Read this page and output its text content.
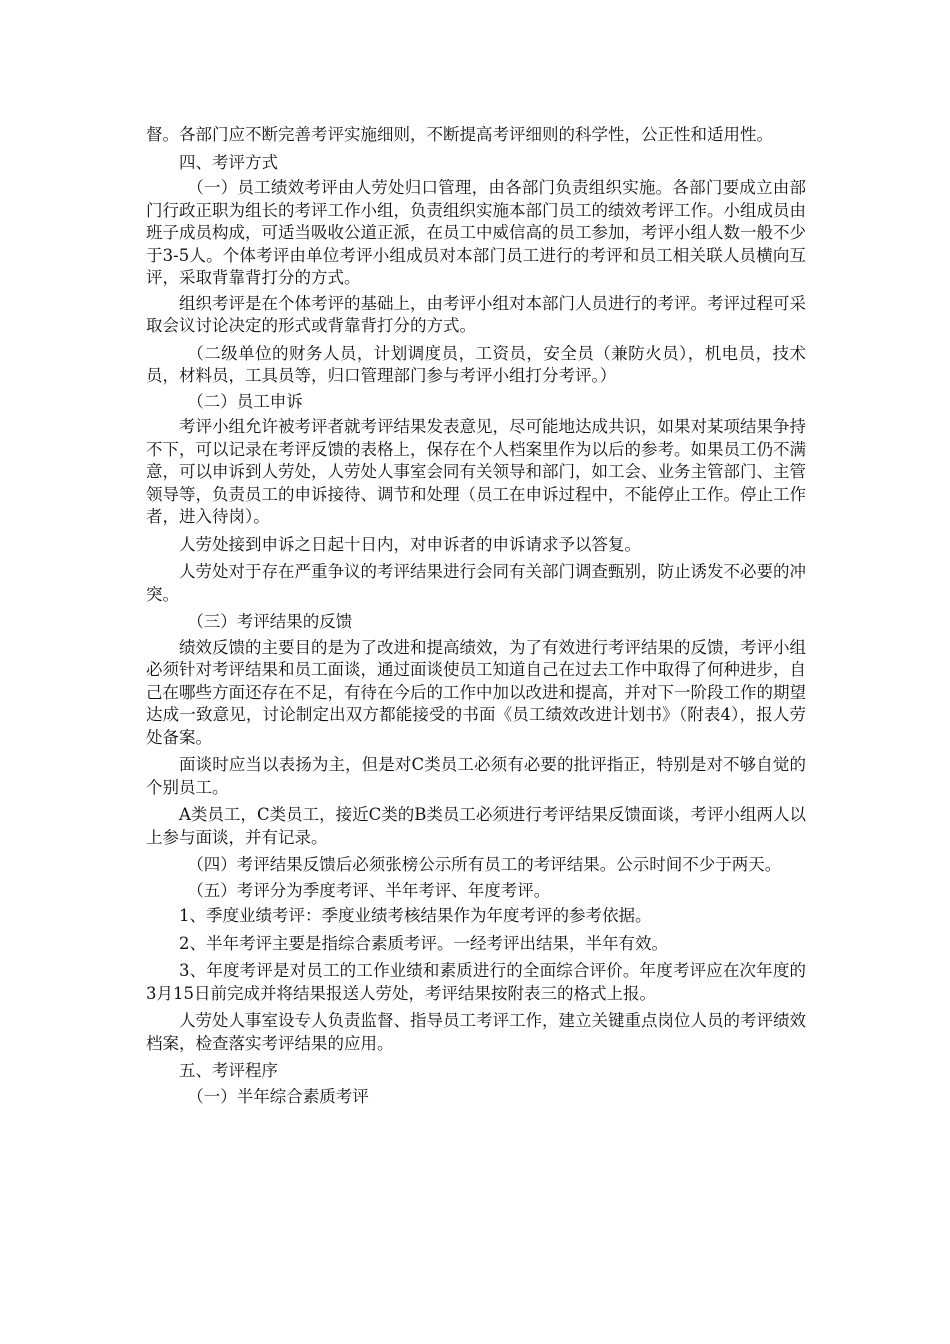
督。各部门应不断完善考评实施细则，不断提高考评细则的科学性，公正性和适用性。

四、考评方式

（一）员工绩效考评由人劳处归口管理，由各部门负责组织实施。各部门要成立由部门行政正职为组长的考评工作小组，负责组织实施本部门员工的绩效考评工作。小组成员由班子成员构成，可适当吸收公道正派，在员工中威信高的员工参加，考评小组人数一般不少于3-5人。个体考评由单位考评小组成员对本部门员工进行的考评和员工相关联人员横向互评，采取背靠背打分的方式。

组织考评是在个体考评的基础上，由考评小组对本部门人员进行的考评。考评过程可采取会议讨论决定的形式或背靠背打分的方式。

（二级单位的财务人员，计划调度员，工资员，安全员（兼防火员），机电员，技术员，材料员，工具员等，归口管理部门参与考评小组打分考评。）

（二）员工申诉

考评小组允许被考评者就考评结果发表意见，尽可能地达成共识，如果对某项结果争持不下，可以记录在考评反馈的表格上，保存在个人档案里作为以后的参考。如果员工仍不满意，可以申诉到人劳处，人劳处人事室会同有关领导和部门，如工会、业务主管部门、主管领导等，负责员工的申诉接待、调节和处理（员工在申诉过程中，不能停止工作。停止工作者，进入待岗）。

人劳处接到申诉之日起十日内，对申诉者的申诉请求予以答复。

人劳处对于存在严重争议的考评结果进行会同有关部门调查甄别，防止诱发不必要的冲突。

（三）考评结果的反馈

绩效反馈的主要目的是为了改进和提高绩效，为了有效进行考评结果的反馈，考评小组必须针对考评结果和员工面谈，通过面谈使员工知道自己在过去工作中取得了何种进步，自己在哪些方面还存在不足，有待在今后的工作中加以改进和提高，并对下一阶段工作的期望达成一致意见，讨论制定出双方都能接受的书面《员工绩效改进计划书》（附表4），报人劳处备案。

面谈时应当以表扬为主，但是对C类员工必须有必要的批评指正，特别是对不够自觉的个别员工。

A类员工，C类员工，接近C类的B类员工必须进行考评结果反馈面谈，考评小组两人以上参与面谈，并有记录。

（四）考评结果反馈后必须张榜公示所有员工的考评结果。公示时间不少于两天。

（五）考评分为季度考评、半年考评、年度考评。

1、季度业绩考评：季度业绩考核结果作为年度考评的参考依据。

2、半年考评主要是指综合素质考评。一经考评出结果，半年有效。

3、年度考评是对员工的工作业绩和素质进行的全面综合评价。年度考评应在次年度的3月15日前完成并将结果报送人劳处，考评结果按附表三的格式上报。

人劳处人事室设专人负责监督、指导员工考评工作，建立关键重点岗位人员的考评绩效档案，检查落实考评结果的应用。

五、考评程序

（一）半年综合素质考评
